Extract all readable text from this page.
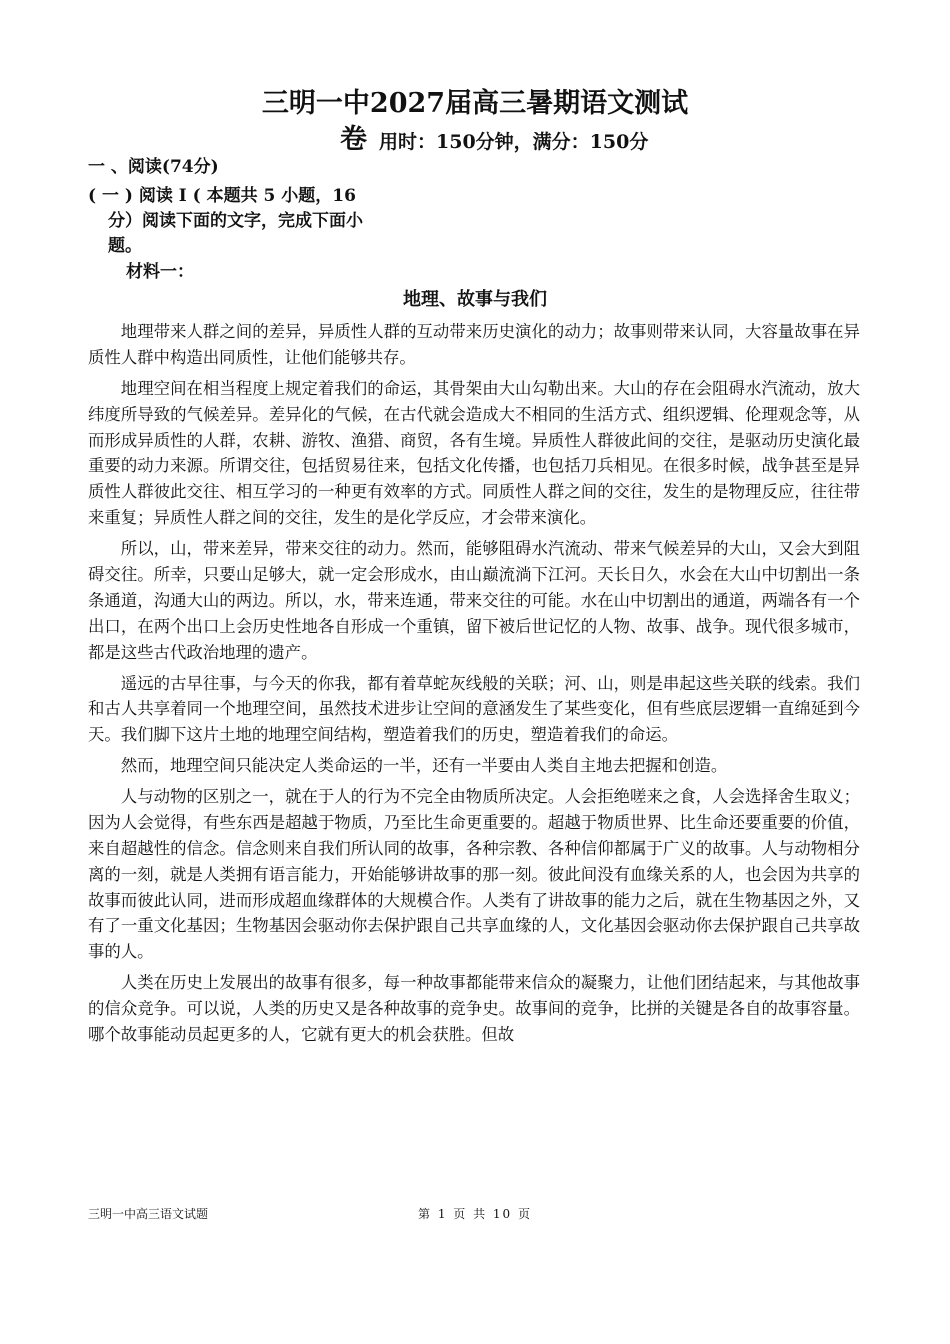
三明一中2027届高三暑期语文测试
卷 用时：150分钟，满分：150分
一 、阅读(74分)
( 一 ) 阅读 I ( 本题共 5 小题，16
分）阅读下面的文字，完成下面小
题。
材料一：
地理、故事与我们

地理带来人群之间的差异，异质性人群的互动带来历史演化的动力；故事则带来认同，大容量故事在异质性人群中构造出同质性，让他们能够共存。

地理空间在相当程度上规定着我们的命运，其骨架由大山勾勒出来。大山的存在会阻碍水汽流动，放大纬度所导致的气候差异。差异化的气候，在古代就会造成大不相同的生活方式、组织逻辑、伦理观念等，从而形成异质性的人群，农耕、游牧、渔猎、商贸，各有生境。异质性人群彼此间的交往，是驱动历史演化最重要的动力来源。所谓交往，包括贸易往来，包括文化传播，也包括刀兵相见。在很多时候，战争甚至是异质性人群彼此交往、相互学习的一种更有效率的方式。同质性人群之间的交往，发生的是物理反应，往往带来重复；异质性人群之间的交往，发生的是化学反应，才会带来演化。

所以，山，带来差异，带来交往的动力。然而，能够阻碍水汽流动、带来气候差异的大山，又会大到阻碍交往。所幸，只要山足够大，就一定会形成水，由山巅流淌下江河。天长日久，水会在大山中切割出一条条通道，沟通大山的两边。所以，水，带来连通，带来交往的可能。水在山中切割出的通道，两端各有一个出口，在两个出口上会历史性地各自形成一个重镇，留下被后世记忆的人物、故事、战争。现代很多城市，都是这些古代政治地理的遗产。

遥远的古早往事，与今天的你我，都有着草蛇灰线般的关联；河、山，则是串起这些关联的线索。我们和古人共享着同一个地理空间，虽然技术进步让空间的意涵发生了某些变化，但有些底层逻辑一直绵延到今天。我们脚下这片土地的地理空间结构，塑造着我们的历史，塑造着我们的命运。

然而，地理空间只能决定人类命运的一半，还有一半要由人类自主地去把握和创造。

人与动物的区别之一，就在于人的行为不完全由物质所决定。人会拒绝嗟来之食，人会选择舍生取义；因为人会觉得，有些东西是超越于物质，乃至比生命更重要的。超越于物质世界、比生命还要重要的价值，来自超越性的信念。信念则来自我们所认同的故事，各种宗教、各种信仰都属于广义的故事。人与动物相分离的一刻，就是人类拥有语言能力，开始能够讲故事的那一刻。彼此间没有血缘关系的人，也会因为共享的故事而彼此认同，进而形成超血缘群体的大规模合作。人类有了讲故事的能力之后，就在生物基因之外，又有了一重文化基因；生物基因会驱动你去保护跟自己共享血缘的人，文化基因会驱动你去保护跟自己共享故事的人。

人类在历史上发展出的故事有很多，每一种故事都能带来信众的凝聚力，让他们团结起来，与其他故事的信众竞争。可以说，人类的历史又是各种故事的竞争史。故事间的竞争，比拼的关键是各自的故事容量。哪个故事能动员起更多的人，它就有更大的机会获胜。但故

三明一中高三语文试题	第 1 页 共 10 页
